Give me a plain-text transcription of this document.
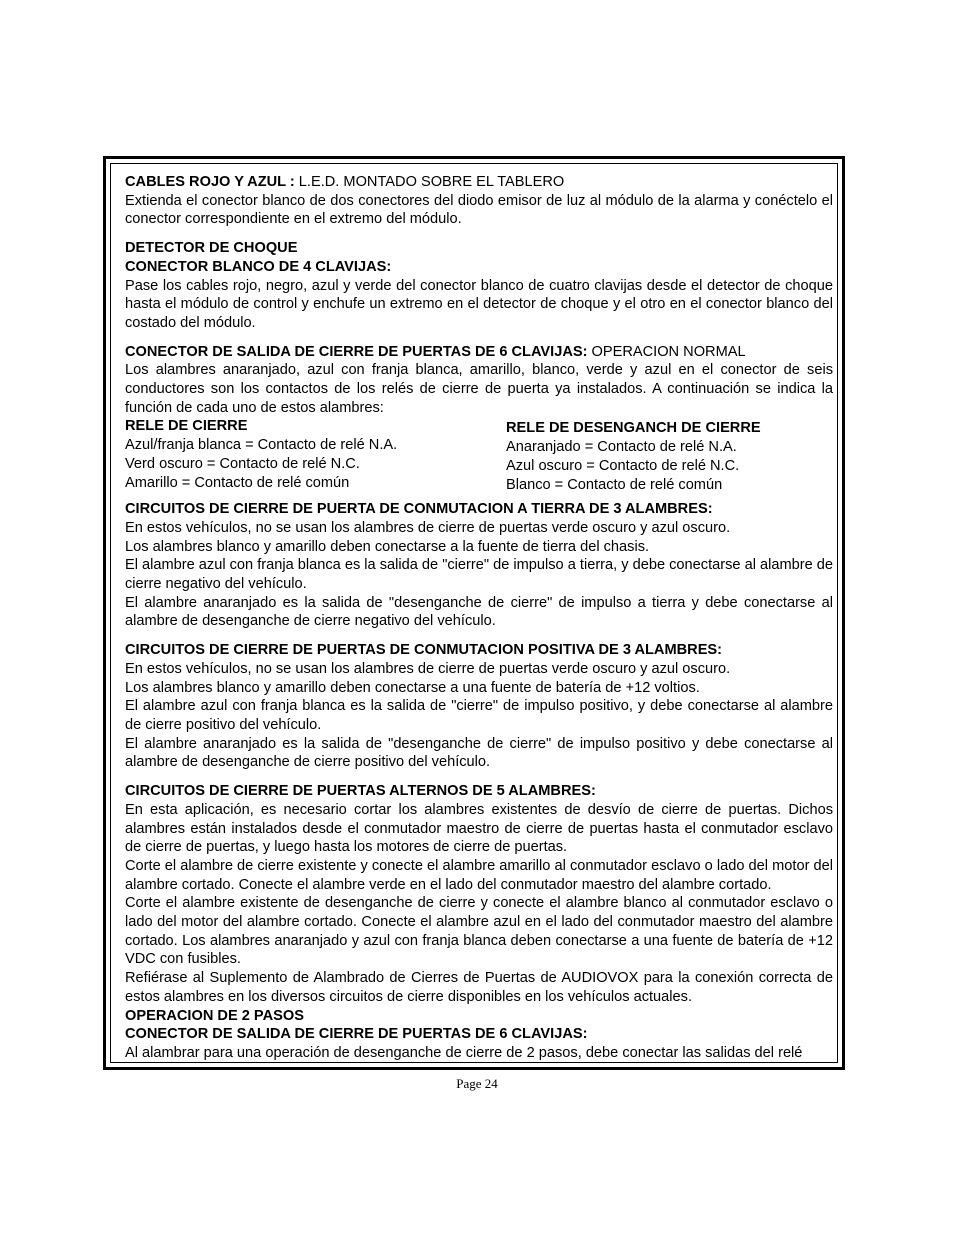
CABLES ROJO Y AZUL : L.E.D. MONTADO SOBRE EL TABLERO

Extienda el conector blanco de dos conectores del diodo emisor de luz al módulo de la alarma y conéctelo el conector correspondiente en el extremo del módulo.

DETECTOR DE CHOQUE

CONECTOR BLANCO DE 4 CLAVIJAS:

Pase los cables rojo, negro, azul y verde del conector blanco de cuatro clavijas desde el detector de choque hasta el módulo de control y enchufe un extremo en el detector de choque y el otro en el conector blanco del costado del módulo.

CONECTOR DE SALIDA DE CIERRE DE PUERTAS DE 6 CLAVIJAS: OPERACION NORMAL

Los alambres anaranjado, azul con franja blanca, amarillo, blanco, verde y azul en el conector de seis conductores son los contactos de los relés de cierre de puerta ya instalados. A continuación se indica la función de cada uno de estos alambres:

RELE DE CIERRE

Azul/franja blanca = Contacto de relé N.A.

Verd oscuro = Contacto de relé N.C.

Amarillo = Contacto de relé común

RELE DE DESENGANCH DE CIERRE

Anaranjado = Contacto de relé N.A.

Azul oscuro = Contacto de relé N.C.

Blanco = Contacto de relé común

CIRCUITOS DE CIERRE DE PUERTA DE CONMUTACION A TIERRA DE 3 ALAMBRES:

En estos vehículos, no se usan los alambres de cierre de puertas verde oscuro y azul oscuro.

Los alambres blanco y amarillo deben conectarse a la fuente de tierra del chasis.

El alambre azul con franja blanca es la salida de "cierre" de impulso a tierra, y debe conectarse al alambre de cierre negativo del vehículo.

El alambre anaranjado es la salida de "desenganche de cierre" de impulso a tierra y debe conectarse al alambre de desenganche de cierre negativo del vehículo.

CIRCUITOS DE CIERRE DE PUERTAS DE CONMUTACION POSITIVA DE 3 ALAMBRES:

En estos vehículos, no se usan los alambres de cierre de puertas verde oscuro y azul oscuro.

Los alambres blanco y amarillo deben conectarse a una fuente de batería de +12 voltios.

El alambre azul con franja blanca es la salida de "cierre" de impulso positivo, y debe conectarse al alambre de cierre positivo del vehículo.

El alambre anaranjado es la salida de "desenganche de cierre" de impulso positivo y debe conectarse al alambre de desenganche de cierre positivo del vehículo.

CIRCUITOS DE CIERRE DE PUERTAS ALTERNOS DE 5 ALAMBRES:

En esta aplicación, es necesario cortar los alambres existentes de desvío de cierre de puertas. Dichos alambres están instalados desde el conmutador maestro de cierre de puertas hasta el conmutador esclavo de cierre de puertas, y luego hasta los motores de cierre de puertas.

Corte el alambre de cierre existente y conecte el alambre amarillo al conmutador esclavo o lado del motor del alambre cortado. Conecte el alambre verde en el lado del conmutador maestro del alambre cortado.

Corte el alambre existente de desenganche de cierre y conecte el alambre blanco al conmutador esclavo o lado del motor del alambre cortado. Conecte el alambre azul en el lado del conmutador maestro del alambre cortado. Los alambres anaranjado y azul con franja blanca deben conectarse a una fuente de batería de +12 VDC con fusibles.

Refiérase al Suplemento de Alambrado de Cierres de Puertas de AUDIOVOX para la conexión correcta de estos alambres en los diversos circuitos de cierre disponibles en los vehículos actuales.

OPERACION DE 2 PASOS

CONECTOR DE SALIDA DE CIERRE DE PUERTAS DE 6 CLAVIJAS:

Al alambrar para una operación de desenganche de cierre de 2 pasos, debe conectar las salidas del relé

Page 24
